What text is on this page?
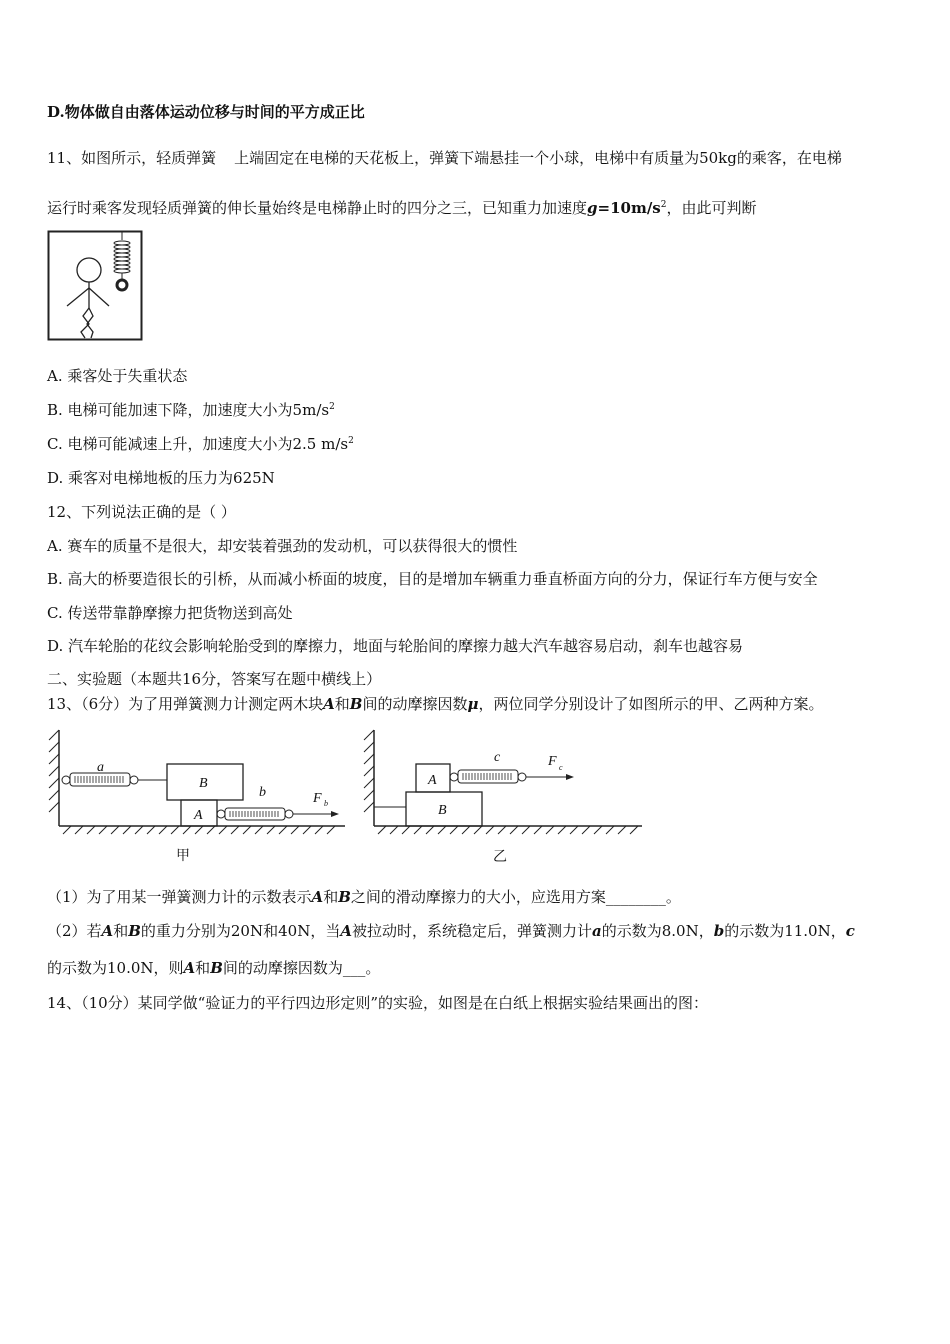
D.物体做自由落体运动位移与时间的平方成正比
11、如图所示，轻质弹簧 上端固定在电梯的天花板上，弹簧下端悬挂一个小球，电梯中有质量为50kg的乘客，在电梯
运行时乘客发现轻质弹簧的伸长量始终是电梯静止时的四分之三，已知重力加速度$g=10m/s^2$，由此可判断
A. 乘客处于失重状态
B. 电梯可能加速下降，加速度大小为$5m/s^2$
C. 电梯可能减速上升，加速度大小为2.5 $m/s^2$
D. 乘客对电梯地板的压力为625N
12、下列说法正确的是（ ）
A. 赛车的质量不是很大，却安装着强劲的发动机，可以获得很大的惯性
B. 高大的桥要造很长的引桥，从而减小桥面的坡度，目的是增加车辆重力垂直桥面方向的分力，保证行车方便与安全
C. 传送带靠静摩擦力把货物送到高处
D. 汽车轮胎的花纹会影响轮胎受到的摩擦力，地面与轮胎间的摩擦力越大汽车越容易启动，刹车也越容易
二、实验题（本题共16分，答案写在题中横线上）
13、（6分）为了用弹簧测力计测定两木块A和B间的动摩擦因数μ，两位同学分别设计了如图所示的甲、乙两种方案。
a
B
A
b	F b
甲
B
A
c	F c
乙
（1）为了用某一弹簧测力计的示数表示A和B之间的滑动摩擦力的大小，应选用方案________。
（2）若A和B的重力分别为20N和40N，当A被拉动时，系统稳定后，弹簧测力计a的示数为8.0N，b的示数为11.0N，c
的示数为10.0N，则A和B间的动摩擦因数为___。
14、（10分）某同学做“验证力的平行四边形定则”的实验，如图是在白纸上根据实验结果画出的图：
